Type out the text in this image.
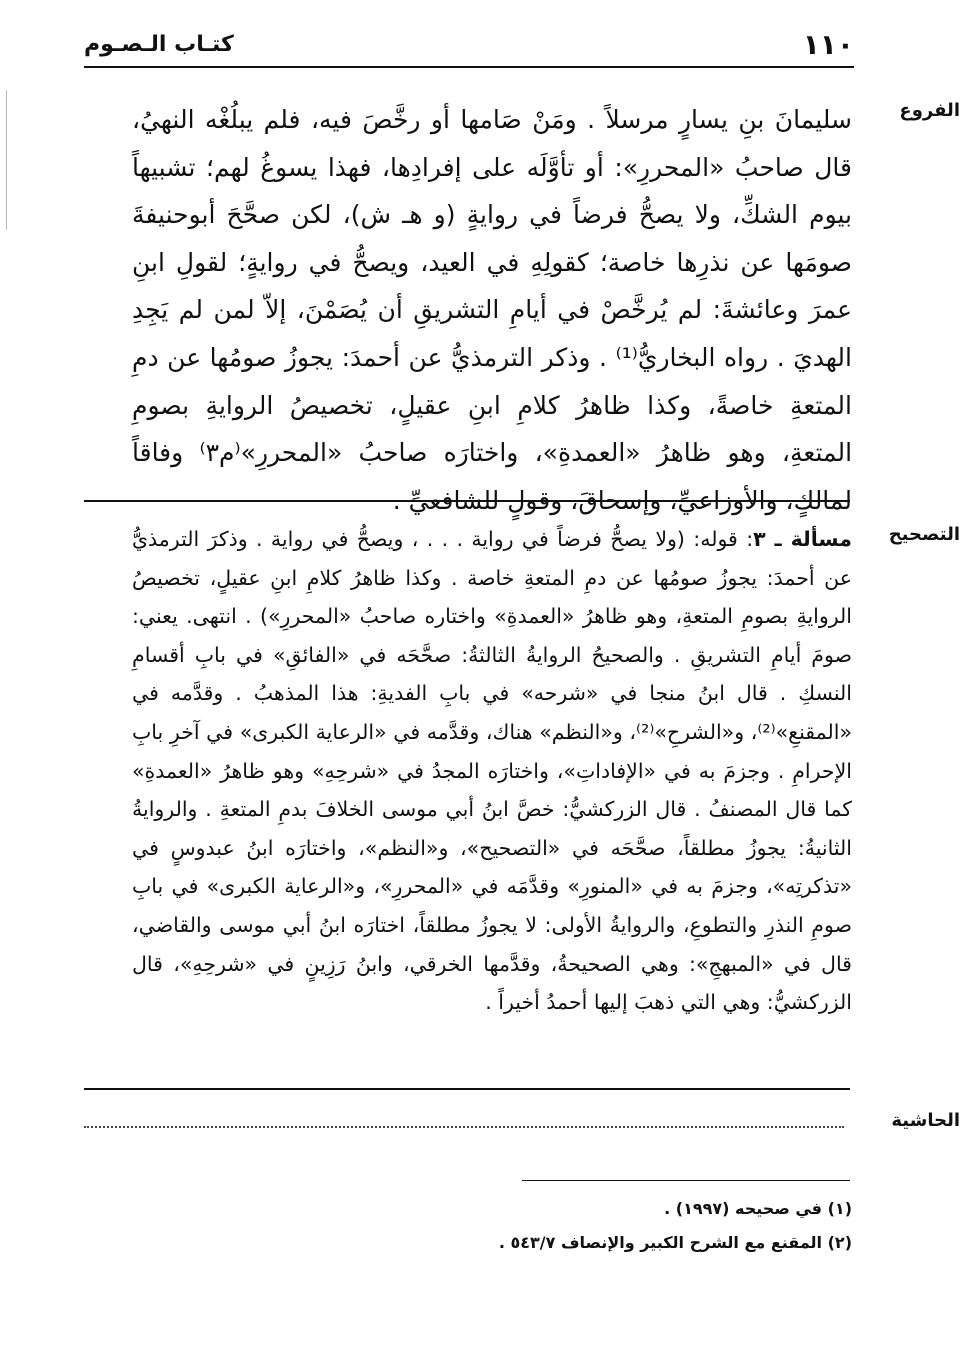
١١٠
كتـاب الـصـوم
الفروع
سليمانَ بنِ يسارٍ مرسلاً . ومَنْ صَامها أو رخَّصَ فيه، فلم يبلُغْه النهيُ، قال صاحبُ «المحررِ»: أو تأوَّلَه على إفرادِها، فهذا يسوغُ لهم؛ تشبيهاً بيوم الشكِّ، ولا يصحُّ فرضاً في روايةٍ (و هـ ش)، لكن صحَّحَ أبوحنيفةَ صومَها عن نذرِها خاصة؛ كقولِهِ في العيد، ويصحُّ في روايةٍ؛ لقولِ ابنِ عمرَ وعائشةَ: لم يُرخَّصْ في أيامِ التشريقِ أن يُصَمْنَ، إلاّ لمن لم يَجِدِ الهديَ . رواه البخاريُّ⁽¹⁾ . وذكر الترمذيُّ عن أحمدَ: يجوزُ صومُها عن دمِ المتعةِ خاصةً، وكذا ظاهرُ كلامِ ابنِ عقيلٍ، تخصيصُ الروايةِ بصومِ المتعةِ، وهو ظاهرُ «العمدةِ»، واختارَه صاحبُ «المحررِ»⁽م٣⁾ وفاقاً لمالكٍ، والأوزاعيِّ، وإسحاقَ، وقولٍ للشافعيِّ .
التصحيح
مسألة ـ ٣: قوله: (ولا يصحُّ فرضاً في رواية . . . ، ويصحُّ في رواية . وذكرَ الترمذيُّ عن أحمدَ: يجوزُ صومُها عن دمِ المتعةِ خاصة . وكذا ظاهرُ كلامِ ابنِ عقيلٍ، تخصيصُ الروايةِ بصومِ المتعةِ، وهو ظاهرُ «العمدةِ» واختاره صاحبُ «المحررِ») . انتهى. يعني: صومَ أيامِ التشريقِ . والصحيحُ الروايةُ الثالثةُ: صحَّحَه في «الفائقِ» في بابِ أقسامِ النسكِ . قال ابنُ منجا في «شرحه» في بابِ الفديةِ: هذا المذهبُ . وقدَّمه في «المقنعِ»⁽²⁾، و«الشرحِ»⁽²⁾، و«النظم» هناك، وقدَّمه في «الرعاية الكبرى» في آخرِ بابِ الإحرامِ . وجزمَ به في «الإفاداتِ»، واختارَه المجدُ في «شرحِهِ» وهو ظاهرُ «العمدةِ» كما قال المصنفُ . قال الزركشيُّ: خصَّ ابنُ أبي موسى الخلافَ بدمِ المتعةِ . والروايةُ الثانيةُ: يجوزُ مطلقاً، صحَّحَه في «التصحيح»، و«النظم»، واختارَه ابنُ عبدوسٍ في «تذكرتِه»، وجزمَ به في «المنورِ» وقدَّمَه في «المحررِ»، و«الرعاية الكبرى» في بابِ صومِ النذرِ والتطوعِ، والروايةُ الأولى: لا يجوزُ مطلقاً، اختارَه ابنُ أبي موسى والقاضي، قال في «المبهجِ»: وهي الصحيحةُ، وقدَّمها الخرقي، وابنُ رَزِينٍ في «شرحِهِ»، قال الزركشيُّ: وهي التي ذهبَ إليها أحمدُ أخيراً .
الحاشية
(١) في صحيحه (١٩٩٧) .
(٢) المقنع مع الشرح الكبير والإنصاف ٥٤٣/٧ .
